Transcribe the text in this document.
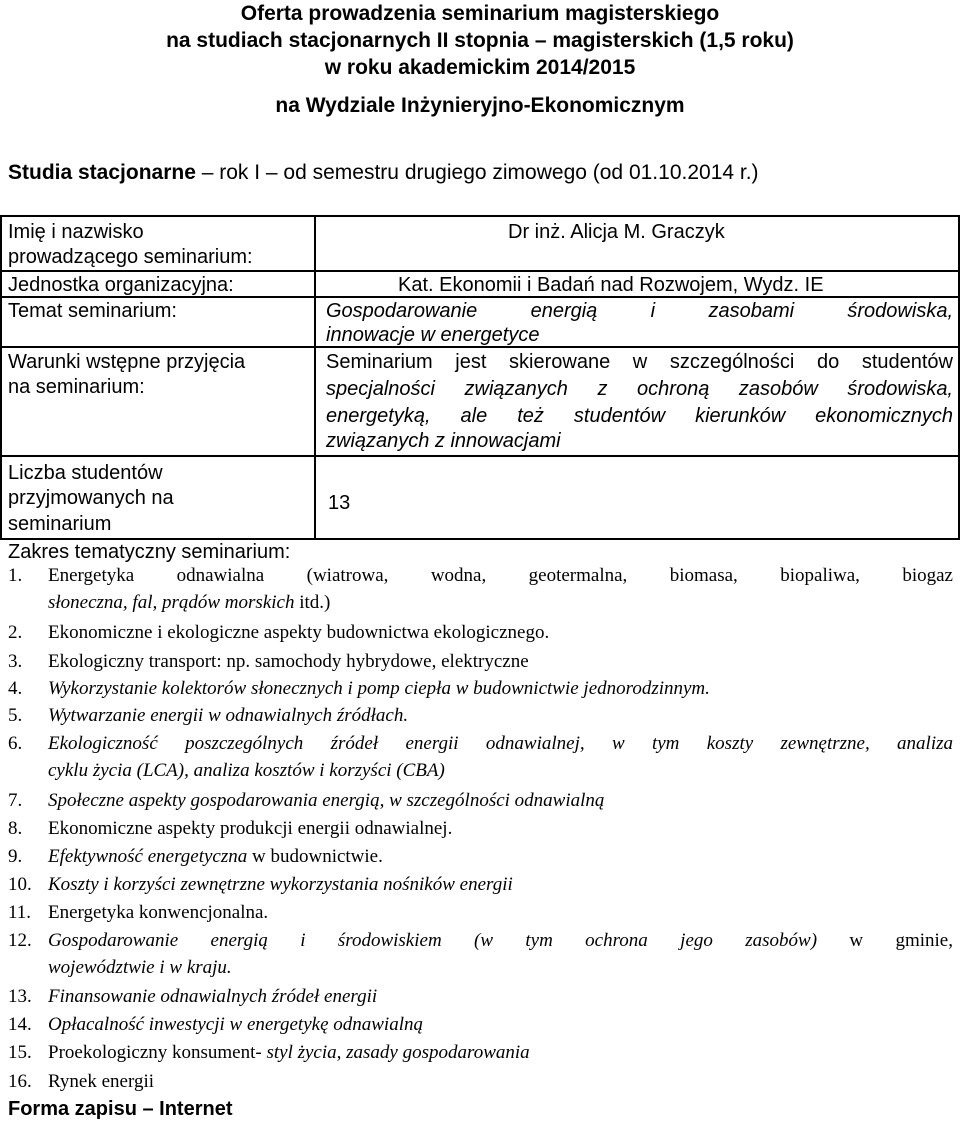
Oferta prowadzenia seminarium magisterskiego
na studiach stacjonarnych II stopnia – magisterskich (1,5 roku)
w roku akademickim 2014/2015
na Wydziale Inżynieryjno-Ekonomicznym
Studia stacjonarne – rok I – od semestru drugiego zimowego (od 01.10.2014 r.)
Imię i nazwisko
prowadzącego seminarium:
Dr inż. Alicja M. Graczyk
Jednostka organizacyjna:	Kat. Ekonomii i Badań nad Rozwojem, Wydz. IE
Temat seminarium:	Gospodarowanie energią i zasobami środowiska,
innowacje w energetyce
Warunki wstępne przyjęcia
na seminarium:
Seminarium jest skierowane w szczególności do studentów
specjalności związanych z ochroną zasobów środowiska,
energetyką, ale też studentów kierunków ekonomicznych
związanych z innowacjami
Liczba studentów
przyjmowanych na
seminarium
13
Zakres tematyczny seminarium:
1. Energetyka odnawialna (wiatrowa, wodna, geotermalna, biomasa, biopaliwa, biogaz
słoneczna, fal, prądów morskich itd.)
2. Ekonomiczne i ekologiczne aspekty budownictwa ekologicznego.
3. Ekologiczny transport: np. samochody hybrydowe, elektryczne
4. Wykorzystanie kolektorów słonecznych i pomp ciepła w budownictwie jednorodzinnym.
5. Wytwarzanie energii w odnawialnych źródłach.
6. Ekologiczność poszczególnych źródeł energii odnawialnej, w tym koszty zewnętrzne, analiza
cyklu życia (LCA), analiza kosztów i korzyści (CBA)
7. Społeczne aspekty gospodarowania energią, w szczególności odnawialną
8. Ekonomiczne aspekty produkcji energii odnawialnej.
9. Efektywność energetyczna w budownictwie.
10. Koszty i korzyści zewnętrzne wykorzystania nośników energii
11. Energetyka konwencjonalna.
12. Gospodarowanie energią i środowiskiem (w tym ochrona jego zasobów) w gminie,
województwie i w kraju.
13. Finansowanie odnawialnych źródeł energii
14. Opłacalność inwestycji w energetykę odnawialną
15. Proekologiczny konsument- styl życia, zasady gospodarowania
16. Rynek energii
Forma zapisu – Internet
